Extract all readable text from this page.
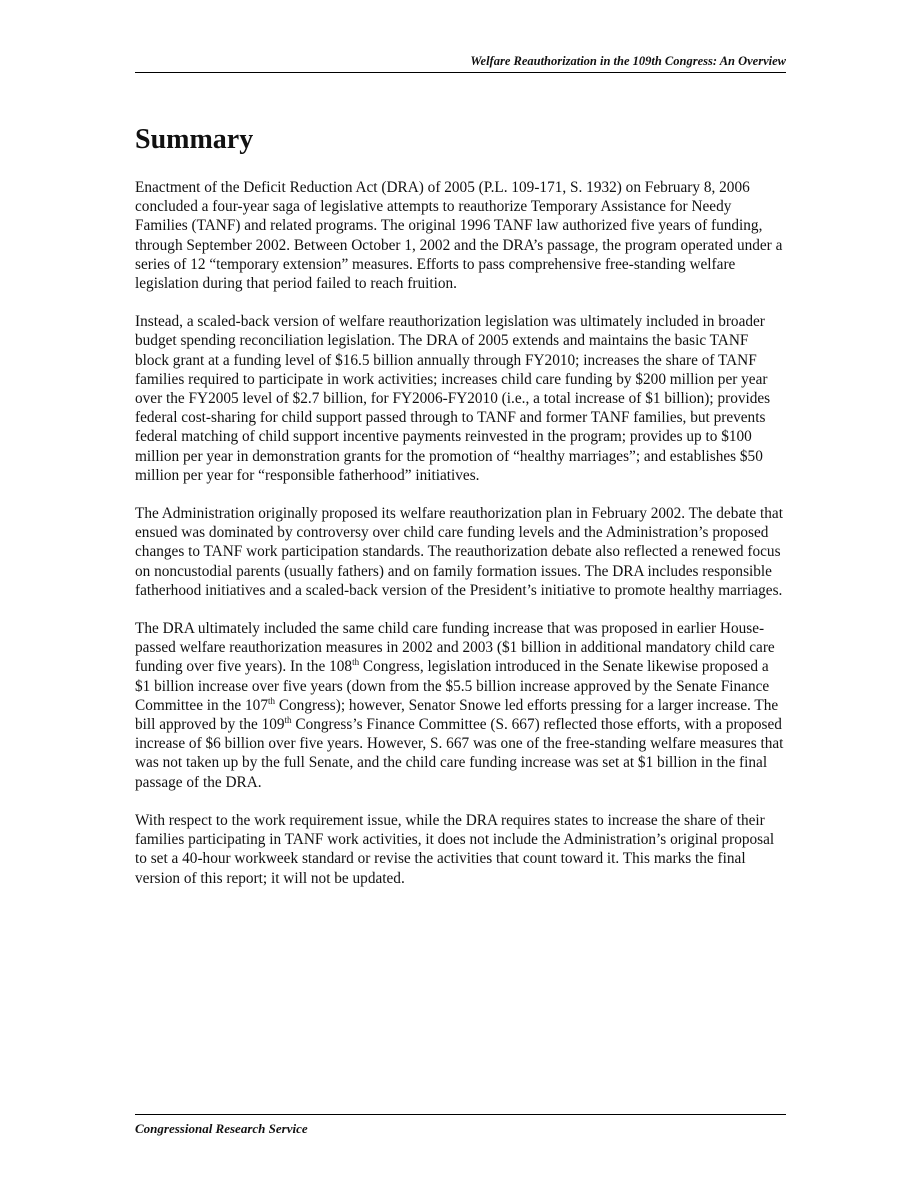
Welfare Reauthorization in the 109th Congress: An Overview
Summary

Enactment of the Deficit Reduction Act (DRA) of 2005 (P.L. 109-171, S. 1932) on February 8, 2006 concluded a four-year saga of legislative attempts to reauthorize Temporary Assistance for Needy Families (TANF) and related programs. The original 1996 TANF law authorized five years of funding, through September 2002. Between October 1, 2002 and the DRA’s passage, the program operated under a series of 12 “temporary extension” measures. Efforts to pass comprehensive free-standing welfare legislation during that period failed to reach fruition.

Instead, a scaled-back version of welfare reauthorization legislation was ultimately included in broader budget spending reconciliation legislation. The DRA of 2005 extends and maintains the basic TANF block grant at a funding level of $16.5 billion annually through FY2010; increases the share of TANF families required to participate in work activities; increases child care funding by $200 million per year over the FY2005 level of $2.7 billion, for FY2006-FY2010 (i.e., a total increase of $1 billion); provides federal cost-sharing for child support passed through to TANF and former TANF families, but prevents federal matching of child support incentive payments reinvested in the program; provides up to $100 million per year in demonstration grants for the promotion of “healthy marriages”; and establishes $50 million per year for “responsible fatherhood” initiatives.

The Administration originally proposed its welfare reauthorization plan in February 2002. The debate that ensued was dominated by controversy over child care funding levels and the Administration’s proposed changes to TANF work participation standards. The reauthorization debate also reflected a renewed focus on noncustodial parents (usually fathers) and on family formation issues. The DRA includes responsible fatherhood initiatives and a scaled-back version of the President’s initiative to promote healthy marriages.

The DRA ultimately included the same child care funding increase that was proposed in earlier House-passed welfare reauthorization measures in 2002 and 2003 ($1 billion in additional mandatory child care funding over five years). In the 108th Congress, legislation introduced in the Senate likewise proposed a $1 billion increase over five years (down from the $5.5 billion increase approved by the Senate Finance Committee in the 107th Congress); however, Senator Snowe led efforts pressing for a larger increase. The bill approved by the 109th Congress’s Finance Committee (S. 667) reflected those efforts, with a proposed increase of $6 billion over five years. However, S. 667 was one of the free-standing welfare measures that was not taken up by the full Senate, and the child care funding increase was set at $1 billion in the final passage of the DRA.

With respect to the work requirement issue, while the DRA requires states to increase the share of their families participating in TANF work activities, it does not include the Administration’s original proposal to set a 40-hour workweek standard or revise the activities that count toward it. This marks the final version of this report; it will not be updated.

Congressional Research Service
